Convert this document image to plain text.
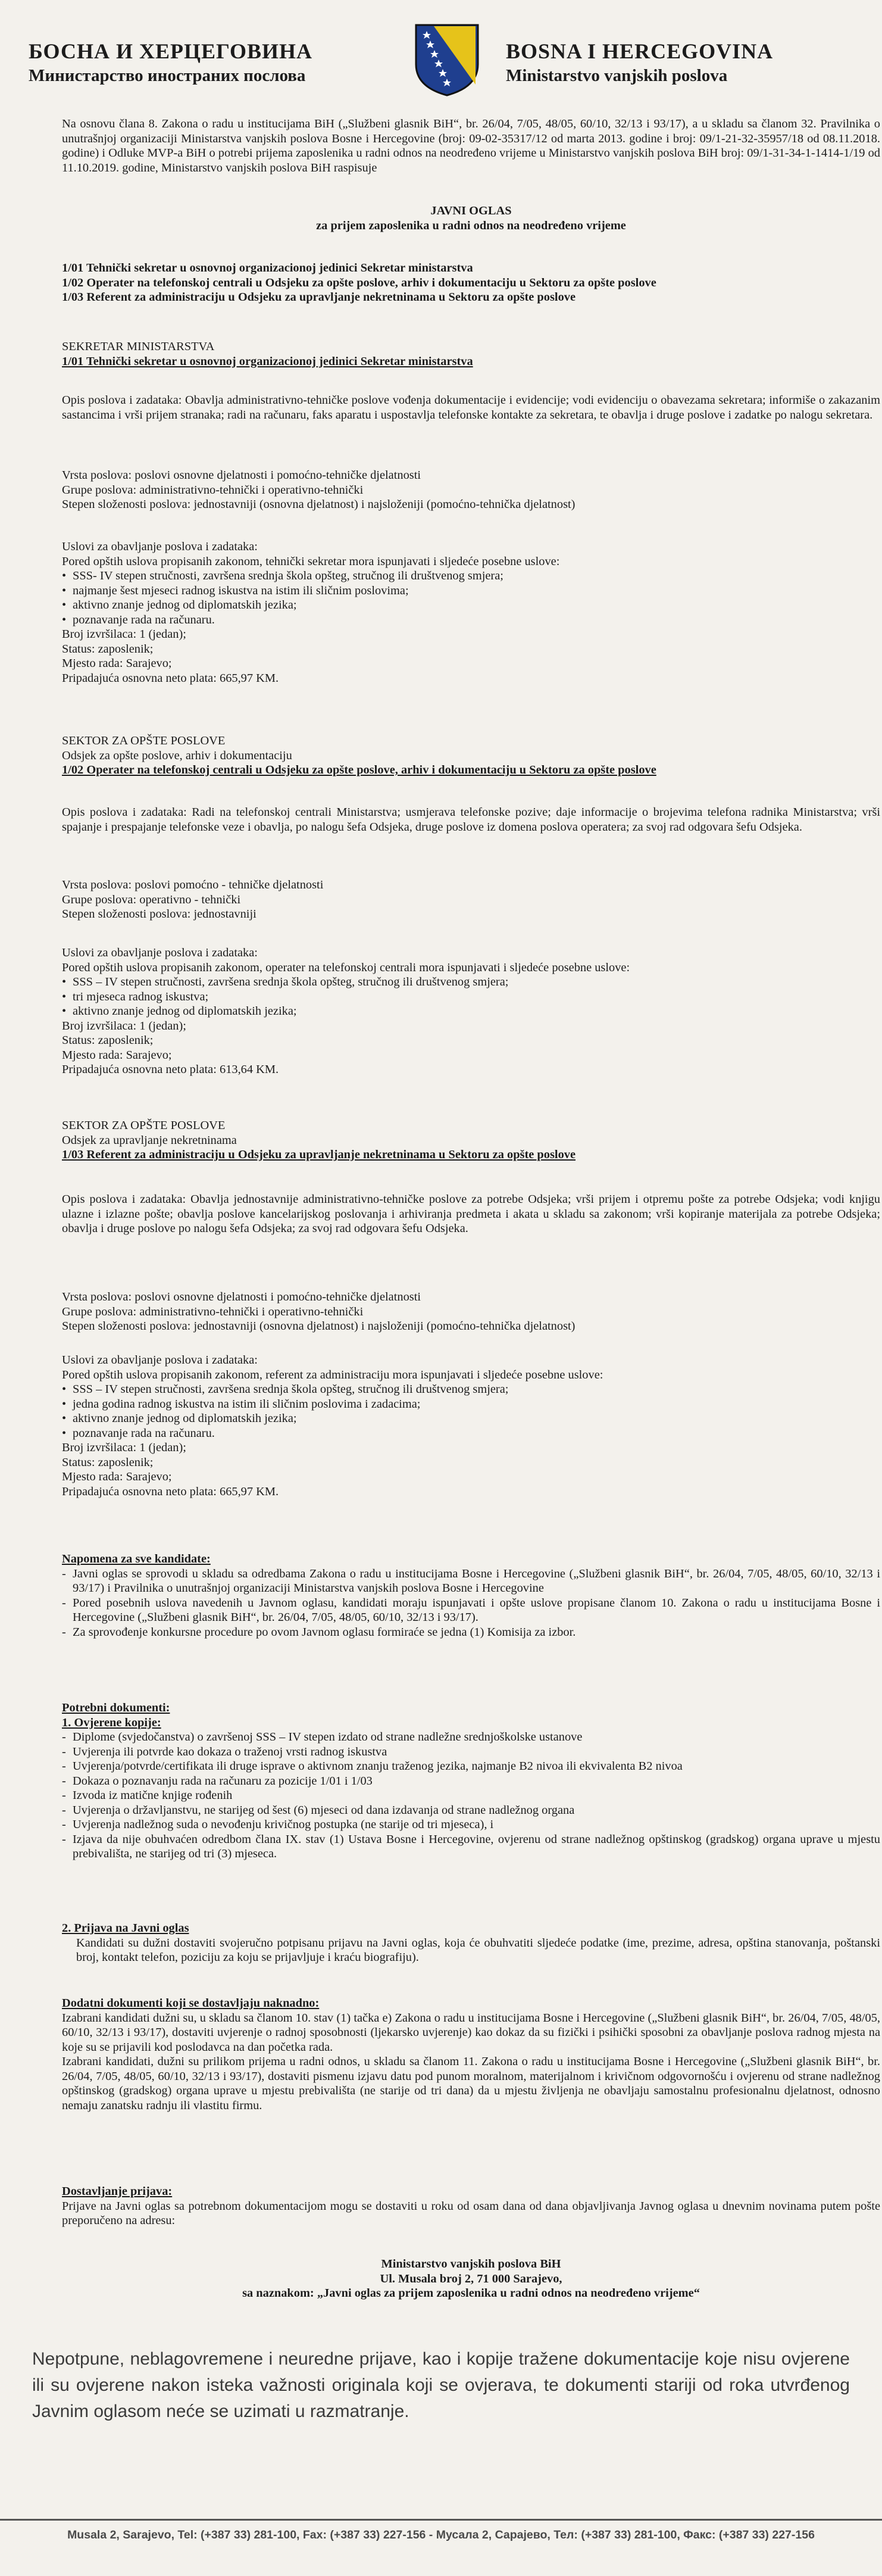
БОСНА И ХЕРЦЕГОВИНА
Министарство иностраних послова
BOSNA I HERCEGOVINA
Ministarstvo vanjskih poslova

Na osnovu člana 8. Zakona o radu u institucijama BiH („Službeni glasnik BiH“, br. 26/04, 7/05, 48/05, 60/10, 32/13 i 93/17), a u skladu sa članom 32. Pravilnika o unutrašnjoj organizaciji Ministarstva vanjskih poslova Bosne i Hercegovine (broj: 09-02-35317/12 od marta 2013. godine i broj: 09/1-21-32-35957/18 od 08.11.2018. godine) i Odluke MVP-a BiH o potrebi prijema zaposlenika u radni odnos na neodređeno vrijeme u Ministarstvo vanjskih poslova BiH broj: 09/1-31-34-1-1414-1/19 od 11.10.2019. godine, Ministarstvo vanjskih poslova BiH raspisuje

JAVNI OGLAS

za prijem zaposlenika u radni odnos na neodređeno vrijeme

1/01 Tehnički sekretar u osnovnoj organizacionoj jedinici Sekretar ministarstva

1/02 Operater na telefonskoj centrali u Odsjeku za opšte poslove, arhiv i dokumentaciju u Sektoru za opšte poslove

1/03 Referent za administraciju u Odsjeku za upravljanje nekretninama u Sektoru za opšte poslove

SEKRETAR MINISTARSTVA

1/01 Tehnički sekretar u osnovnoj organizacionoj jedinici Sekretar ministarstva

Opis poslova i zadataka: Obavlja administrativno-tehničke poslove vođenja dokumentacije i evidencije; vodi evidenciju o obavezama sekretara; informiše o zakazanim sastancima i vrši prijem stranaka; radi na računaru, faks aparatu i uspostavlja telefonske kontakte za sekretara, te obavlja i druge poslove i zadatke po nalogu sekretara.

Vrsta poslova: poslovi osnovne djelatnosti i pomoćno-tehničke djelatnosti

Grupe poslova: administrativno-tehnički i operativno-tehnički

Stepen složenosti poslova: jednostavniji (osnovna djelatnost) i najsloženiji (pomoćno-tehnička djelatnost)

Uslovi za obavljanje poslova i zadataka:

Pored opštih uslova propisanih zakonom, tehnički sekretar mora ispunjavati i sljedeće posebne uslove:

• SSS- IV stepen stručnosti, završena srednja škola opšteg, stručnog ili društvenog smjera;
• najmanje šest mjeseci radnog iskustva na istim ili sličnim poslovima;
• aktivno znanje jednog od diplomatskih jezika;
• poznavanje rada na računaru.

Broj izvršilaca: 1 (jedan);

Status: zaposlenik;

Mjesto rada: Sarajevo;

Pripadajuća osnovna neto plata: 665,97 KM.

SEKTOR ZA OPŠTE POSLOVE

Odsjek za opšte poslove, arhiv i dokumentaciju

1/02 Operater na telefonskoj centrali u Odsjeku za opšte poslove, arhiv i dokumentaciju u Sektoru za opšte poslove

Opis poslova i zadataka: Radi na telefonskoj centrali Ministarstva; usmjerava telefonske pozive; daje informacije o brojevima telefona radnika Ministarstva; vrši spajanje i prespajanje telefonske veze i obavlja, po nalogu šefa Odsjeka, druge poslove iz domena poslova operatera; za svoj rad odgovara šefu Odsjeka.

Vrsta poslova: poslovi pomoćno - tehničke djelatnosti

Grupe poslova: operativno - tehnički

Stepen složenosti poslova: jednostavniji

Uslovi za obavljanje poslova i zadataka:

Pored opštih uslova propisanih zakonom, operater na telefonskoj centrali mora ispunjavati i sljedeće posebne uslove:

• SSS – IV stepen stručnosti, završena srednja škola opšteg, stručnog ili društvenog smjera;
• tri mjeseca radnog iskustva;
• aktivno znanje jednog od diplomatskih jezika;

Broj izvršilaca: 1 (jedan);

Status: zaposlenik;

Mjesto rada: Sarajevo;

Pripadajuća osnovna neto plata: 613,64 KM.

SEKTOR ZA OPŠTE POSLOVE

Odsjek za upravljanje nekretninama

1/03 Referent za administraciju u Odsjeku za upravljanje nekretninama u Sektoru za opšte poslove

Opis poslova i zadataka: Obavlja jednostavnije administrativno-tehničke poslove za potrebe Odsjeka; vrši prijem i otpremu pošte za potrebe Odsjeka; vodi knjigu ulazne i izlazne pošte; obavlja poslove kancelarijskog poslovanja i arhiviranja predmeta i akata u skladu sa zakonom; vrši kopiranje materijala za potrebe Odsjeka; obavlja i druge poslove po nalogu šefa Odsjeka; za svoj rad odgovara šefu Odsjeka.

Vrsta poslova: poslovi osnovne djelatnosti i pomoćno-tehničke djelatnosti

Grupe poslova: administrativno-tehnički i operativno-tehnički

Stepen složenosti poslova: jednostavniji (osnovna djelatnost) i najsloženiji (pomoćno-tehnička djelatnost)

Uslovi za obavljanje poslova i zadataka:

Pored opštih uslova propisanih zakonom, referent za administraciju mora ispunjavati i sljedeće posebne uslove:

• SSS – IV stepen stručnosti, završena srednja škola opšteg, stručnog ili društvenog smjera;
• jedna godina radnog iskustva na istim ili sličnim poslovima i zadacima;
• aktivno znanje jednog od diplomatskih jezika;
• poznavanje rada na računaru.

Broj izvršilaca: 1 (jedan);

Status: zaposlenik;

Mjesto rada: Sarajevo;

Pripadajuća osnovna neto plata: 665,97 KM.

Napomena za sve kandidate:

- Javni oglas se sprovodi u skladu sa odredbama Zakona o radu u institucijama Bosne i Hercegovine („Službeni glasnik BiH“, br. 26/04, 7/05, 48/05, 60/10, 32/13 i 93/17) i Pravilnika o unutrašnjoj organizaciji Ministarstva vanjskih poslova Bosne i Hercegovine
- Pored posebnih uslova navedenih u Javnom oglasu, kandidati moraju ispunjavati i opšte uslove propisane članom 10. Zakona o radu u institucijama Bosne i Hercegovine („Službeni glasnik BiH“, br. 26/04, 7/05, 48/05, 60/10, 32/13 i 93/17).
- Za sprovođenje konkursne procedure po ovom Javnom oglasu formiraće se jedna (1) Komisija za izbor.

Potrebni dokumenti:

1. Ovjerene kopije:

- Diplome (svjedočanstva) o završenoj SSS – IV stepen izdato od strane nadležne srednjoškolske ustanove
- Uvjerenja ili potvrde kao dokaza o traženoj vrsti radnog iskustva
- Uvjerenja/potvrde/certifikata ili druge isprave o aktivnom znanju traženog jezika, najmanje B2 nivoa ili ekvivalenta B2 nivoa
- Dokaza o poznavanju rada na računaru za pozicije 1/01 i 1/03
- Izvoda iz matične knjige rođenih
- Uvjerenja o državljanstvu, ne starijeg od šest (6) mjeseci od dana izdavanja od strane nadležnog organa
- Uvjerenja nadležnog suda o nevođenju krivičnog postupka (ne starije od tri mjeseca), i
- Izjava da nije obuhvaćen odredbom člana IX. stav (1) Ustava Bosne i Hercegovine, ovjerenu od strane nadležnog opštinskog (gradskog) organa uprave u mjestu prebivališta, ne starijeg od tri (3) mjeseca.

2. Prijava na Javni oglas

Kandidati su dužni dostaviti svojeručno potpisanu prijavu na Javni oglas, koja će obuhvatiti sljedeće podatke (ime, prezime, adresa, opština stanovanja, poštanski broj, kontakt telefon, poziciju za koju se prijavljuje i kraću biografiju).

Dodatni dokumenti koji se dostavljaju naknadno:

Izabrani kandidati dužni su, u skladu sa članom 10. stav (1) tačka e) Zakona o radu u institucijama Bosne i Hercegovine („Službeni glasnik BiH“, br. 26/04, 7/05, 48/05, 60/10, 32/13 i 93/17), dostaviti uvjerenje o radnoj sposobnosti (ljekarsko uvjerenje) kao dokaz da su fizički i psihički sposobni za obavljanje poslova radnog mjesta na koje su se prijavili kod poslodavca na dan početka rada.

Izabrani kandidati, dužni su prilikom prijema u radni odnos, u skladu sa članom 11. Zakona o radu u institucijama Bosne i Hercegovine („Službeni glasnik BiH“, br. 26/04, 7/05, 48/05, 60/10, 32/13 i 93/17), dostaviti pismenu izjavu datu pod punom moralnom, materijalnom i krivičnom odgovornošću i ovjerenu od strane nadležnog opštinskog (gradskog) organa uprave u mjestu prebivališta (ne starije od tri dana) da u mjestu življenja ne obavljaju samostalnu profesionalnu djelatnost, odnosno nemaju zanatsku radnju ili vlastitu firmu.

Dostavljanje prijava:

Prijave na Javni oglas sa potrebnom dokumentacijom mogu se dostaviti u roku od osam dana od dana objavljivanja Javnog oglasa u dnevnim novinama putem pošte preporučeno na adresu:

Ministarstvo vanjskih poslova BiH

Ul. Musala broj 2, 71 000 Sarajevo,

sa naznakom: „Javni oglas za prijem zaposlenika u radni odnos na neodređeno vrijeme“

Nepotpune, neblagovremene i neuredne prijave, kao i kopije tražene dokumentacije koje nisu ovjerene ili su ovjerene nakon isteka važnosti originala koji se ovjerava, te dokumenti stariji od roka utvrđenog Javnim oglasom neće se uzimati u razmatranje.
Musala 2, Sarajevo, Tel: (+387 33) 281-100, Fax: (+387 33) 227-156 - Мусала 2, Сарајево, Тел: (+387 33) 281-100, Факс: (+387 33) 227-156
